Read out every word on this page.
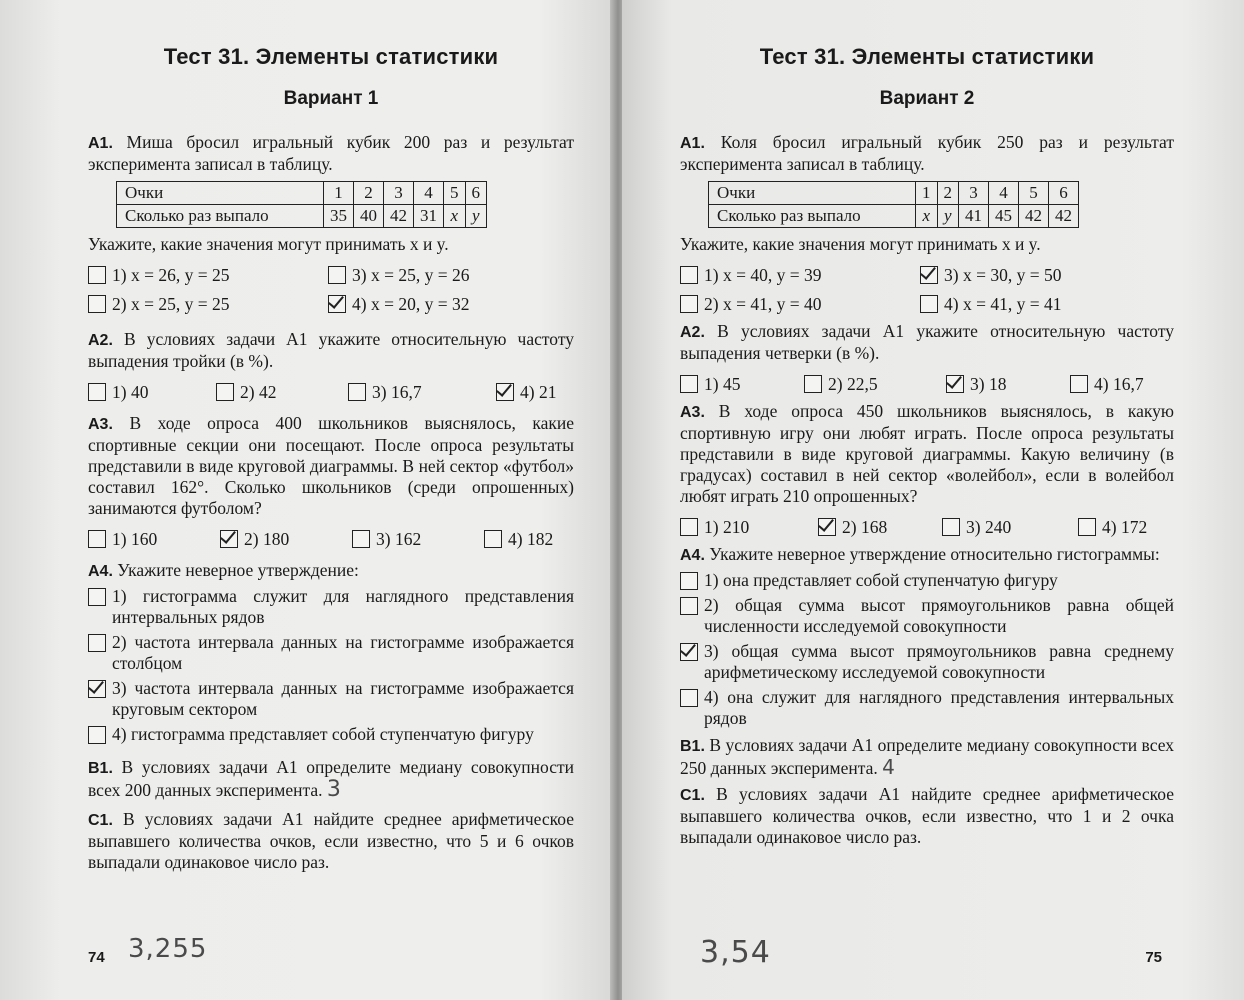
Тест 31. Элементы статистики
Вариант 1

А1. Миша бросил игральный кубик 200 раз и результат эксперимента записал в таблицу.

Очки	1	2	3	4	5	6
Сколько раз выпало	35	40	42	31	x	y

Укажите, какие значения могут принимать x и y.

1) x = 26, y = 25	3) x = 25, y = 26
2) x = 25, y = 25	4) x = 20, y = 32

А2. В условиях задачи А1 укажите относительную частоту выпадения тройки (в %).

1) 40	2) 42	3) 16,7	4) 21

А3. В ходе опроса 400 школьников выяснялось, какие спортивные секции они посещают. После опроса результаты представили в виде круговой диаграммы. В ней сектор «футбол» составил 162°. Сколько школьников (среди опрошенных) занимаются футболом?

1) 160	2) 180	3) 162	4) 182

А4. Укажите неверное утверждение:

1) гистограмма служит для наглядного представления интервальных рядов
2) частота интервала данных на гистограмме изображается столбцом
3) частота интервала данных на гистограмме изображается круговым сектором
4) гистограмма представляет собой ступенчатую фигуру

В1. В условиях задачи А1 определите медиану совокупности всех 200 данных эксперимента. 3

С1. В условиях задачи А1 найдите среднее арифметическое выпавшего количества очков, если известно, что 5 и 6 очков выпадали одинаковое число раз.

74 3,255
Тест 31. Элементы статистики
Вариант 2

А1. Коля бросил игральный кубик 250 раз и результат эксперимента записал в таблицу.

Очки	1	2	3	4	5	6
Сколько раз выпало	x	y	41	45	42	42

Укажите, какие значения могут принимать x и y.

1) x = 40, y = 39	3) x = 30, y = 50
2) x = 41, y = 40	4) x = 41, y = 41

А2. В условиях задачи А1 укажите относительную частоту выпадения четверки (в %).

1) 45	2) 22,5	3) 18	4) 16,7

А3. В ходе опроса 450 школьников выяснялось, в какую спортивную игру они любят играть. После опроса результаты представили в виде круговой диаграммы. Какую величину (в градусах) составил в ней сектор «волейбол», если в волейбол любят играть 210 опрошенных?

1) 210	2) 168	3) 240	4) 172

А4. Укажите неверное утверждение относительно гистограммы:

1) она представляет собой ступенчатую фигуру
2) общая сумма высот прямоугольников равна общей численности исследуемой совокупности
3) общая сумма высот прямоугольников равна среднему арифметическому исследуемой совокупности
4) она служит для наглядного представления интервальных рядов

В1. В условиях задачи А1 определите медиану совокупности всех 250 данных эксперимента. 4

С1. В условиях задачи А1 найдите среднее арифметическое выпавшего количества очков, если известно, что 1 и 2 очка выпадали одинаковое число раз.

3,54	75
